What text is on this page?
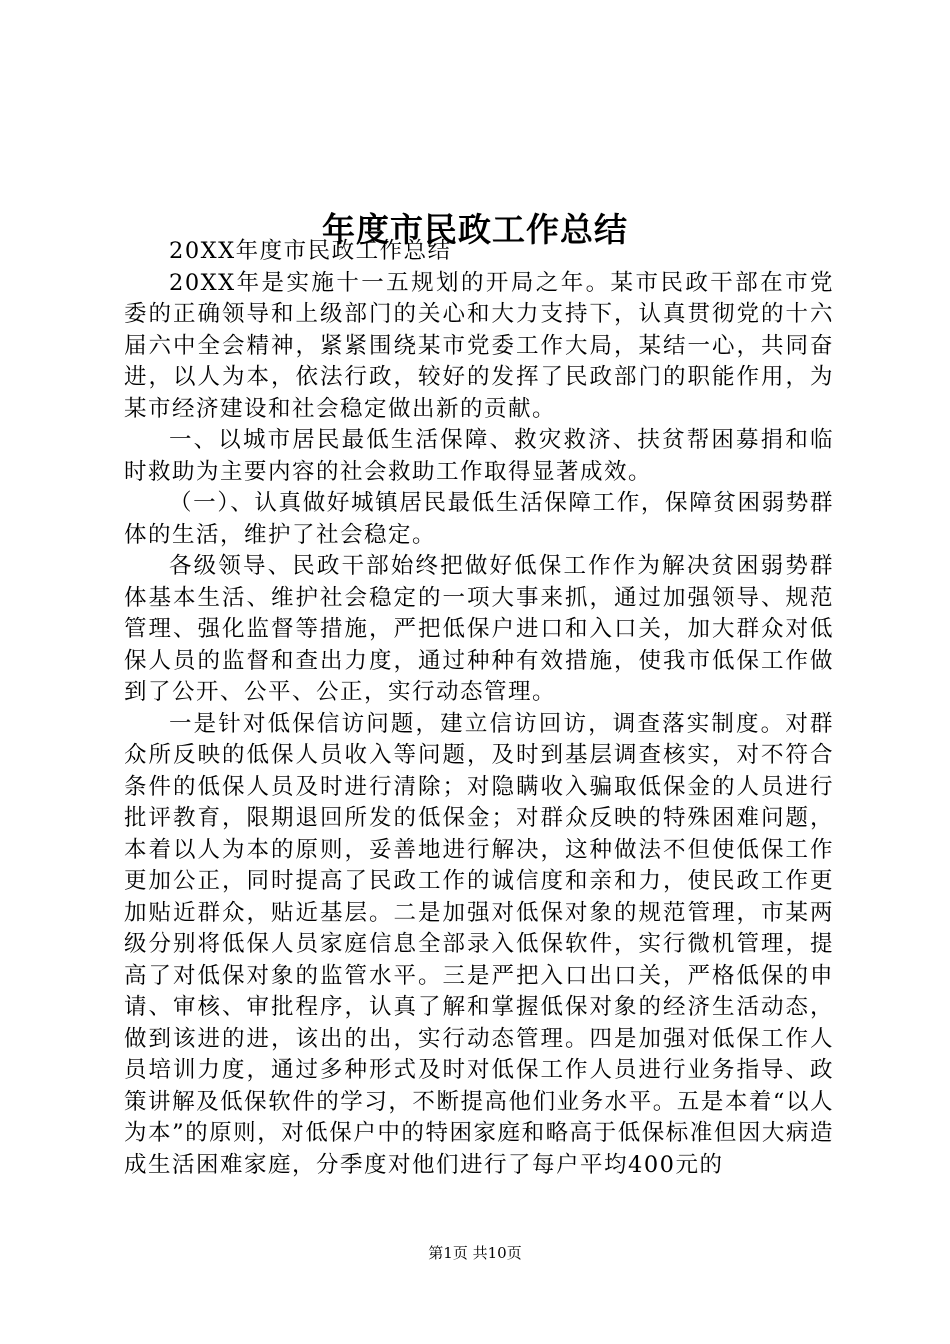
年度市民政工作总结

20XX年度市民政工作总结

20XX年是实施十一五规划的开局之年。某市民政干部在市党委的正确领导和上级部门的关心和大力支持下，认真贯彻党的十六届六中全会精神，紧紧围绕某市党委工作大局，某结一心，共同奋进，以人为本，依法行政，较好的发挥了民政部门的职能作用，为某市经济建设和社会稳定做出新的贡献。

一、以城市居民最低生活保障、救灾救济、扶贫帮困募捐和临时救助为主要内容的社会救助工作取得显著成效。

（一）、认真做好城镇居民最低生活保障工作，保障贫困弱势群体的生活，维护了社会稳定。

各级领导、民政干部始终把做好低保工作作为解决贫困弱势群体基本生活、维护社会稳定的一项大事来抓，通过加强领导、规范管理、强化监督等措施，严把低保户进口和入口关，加大群众对低保人员的监督和查出力度，通过种种有效措施，使我市低保工作做到了公开、公平、公正，实行动态管理。

一是针对低保信访问题，建立信访回访，调查落实制度。对群众所反映的低保人员收入等问题，及时到基层调查核实，对不符合条件的低保人员及时进行清除；对隐瞒收入骗取低保金的人员进行批评教育，限期退回所发的低保金；对群众反映的特殊困难问题，本着以人为本的原则，妥善地进行解决，这种做法不但使低保工作更加公正，同时提高了民政工作的诚信度和亲和力，使民政工作更加贴近群众，贴近基层。二是加强对低保对象的规范管理，市某两级分别将低保人员家庭信息全部录入低保软件，实行微机管理，提高了对低保对象的监管水平。三是严把入口出口关，严格低保的申请、审核、审批程序，认真了解和掌握低保对象的经济生活动态，做到该进的进，该出的出，实行动态管理。四是加强对低保工作人员培训力度，通过多种形式及时对低保工作人员进行业务指导、政策讲解及低保软件的学习，不断提高他们业务水平。五是本着“以人为本”的原则，对低保户中的特困家庭和略高于低保标准但因大病造成生活困难家庭，分季度对他们进行了每户平均400元的

第1页 共10页
